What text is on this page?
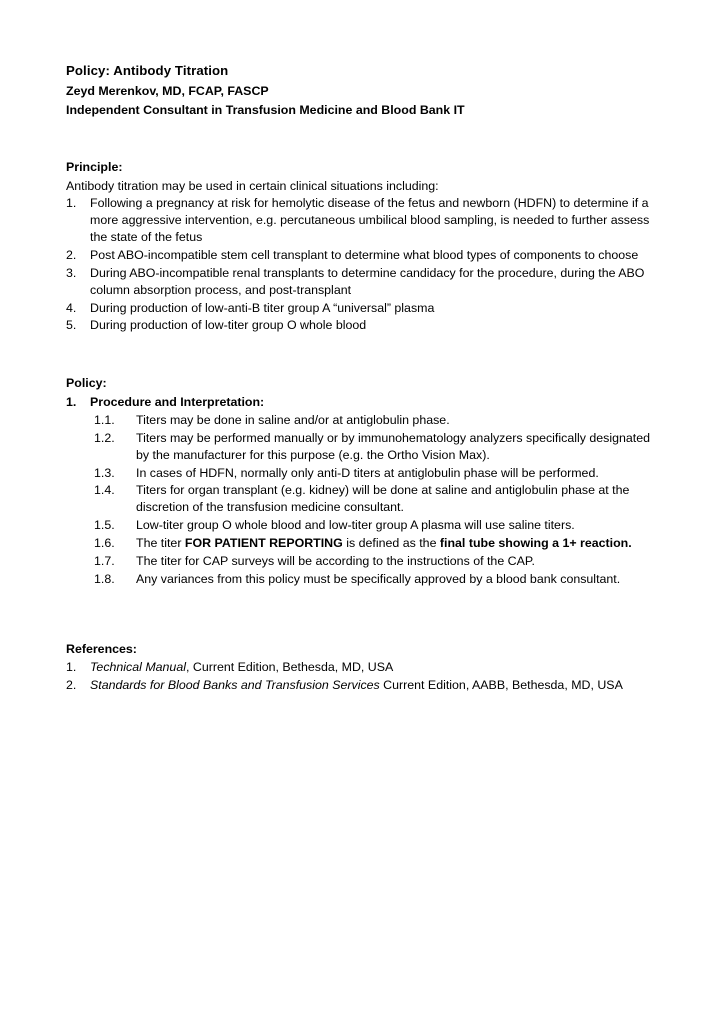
Policy: Antibody Titration
Zeyd Merenkov, MD, FCAP, FASCP
Independent Consultant in Transfusion Medicine and Blood Bank IT
Principle:
Antibody titration may be used in certain clinical situations including:
1. Following a pregnancy at risk for hemolytic disease of the fetus and newborn (HDFN) to determine if a more aggressive intervention, e.g. percutaneous umbilical blood sampling, is needed to further assess the state of the fetus
2. Post ABO-incompatible stem cell transplant to determine what blood types of components to choose
3. During ABO-incompatible renal transplants to determine candidacy for the procedure, during the ABO column absorption process, and post-transplant
4. During production of low-anti-B titer group A “universal” plasma
5. During production of low-titer group O whole blood
Policy:
1. Procedure and Interpretation:
1.1.	Titers may be done in saline and/or at antiglobulin phase.
1.2.	Titers may be performed manually or by immunohematology analyzers specifically designated by the manufacturer for this purpose (e.g. the Ortho Vision Max).
1.3.	In cases of HDFN, normally only anti-D titers at antiglobulin phase will be performed.
1.4.	Titers for organ transplant (e.g. kidney) will be done at saline and antiglobulin phase at the discretion of the transfusion medicine consultant.
1.5.	Low-titer group O whole blood and low-titer group A plasma will use saline titers.
1.6.	The titer FOR PATIENT REPORTING is defined as the final tube showing a 1+ reaction.
1.7.	The titer for CAP surveys will be according to the instructions of the CAP.
1.8.	Any variances from this policy must be specifically approved by a blood bank consultant.
References:
1. Technical Manual, Current Edition, Bethesda, MD, USA
2. Standards for Blood Banks and Transfusion Services Current Edition, AABB, Bethesda, MD, USA
